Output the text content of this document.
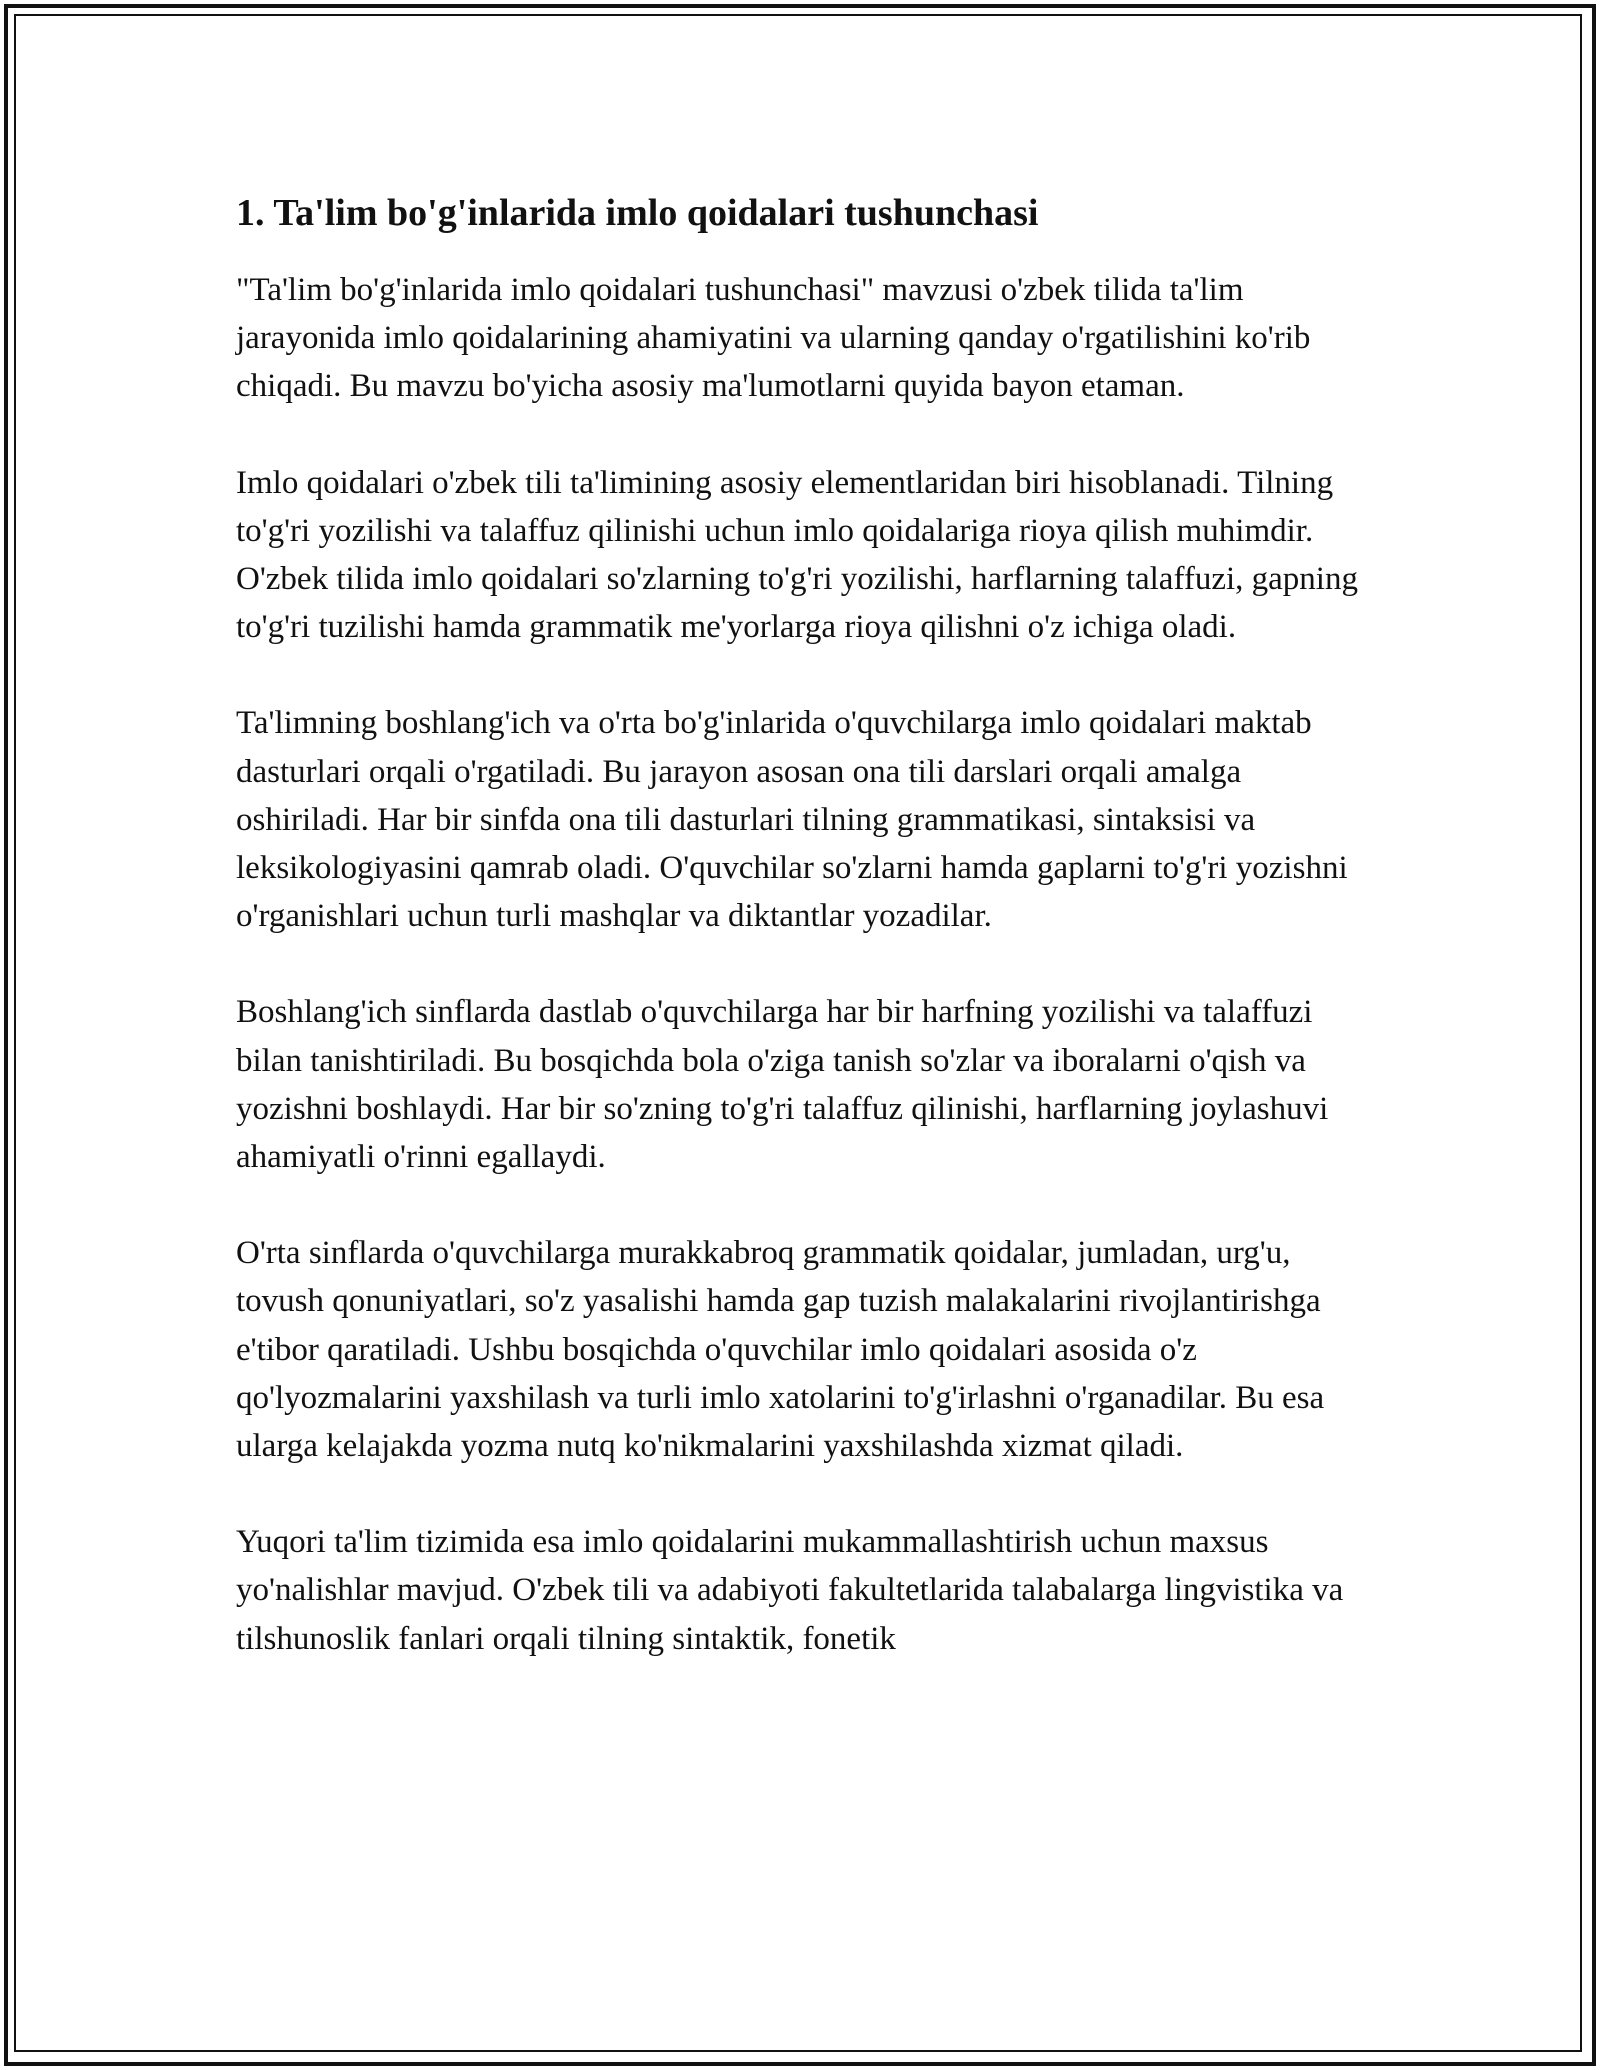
1. Ta'lim bo'g'inlarida imlo qoidalari tushunchasi

"Ta'lim bo'g'inlarida imlo qoidalari tushunchasi" mavzusi o'zbek tilida ta'lim jarayonida imlo qoidalarining ahamiyatini va ularning qanday o'rgatilishini ko'rib chiqadi. Bu mavzu bo'yicha asosiy ma'lumotlarni quyida bayon etaman.

Imlo qoidalari o'zbek tili ta'limining asosiy elementlaridan biri hisoblanadi. Tilning to'g'ri yozilishi va talaffuz qilinishi uchun imlo qoidalariga rioya qilish muhimdir. O'zbek tilida imlo qoidalari so'zlarning to'g'ri yozilishi, harflarning talaffuzi, gapning to'g'ri tuzilishi hamda grammatik me'yorlarga rioya qilishni o'z ichiga oladi.

Ta'limning boshlang'ich va o'rta bo'g'inlarida o'quvchilarga imlo qoidalari maktab dasturlari orqali o'rgatiladi. Bu jarayon asosan ona tili darslari orqali amalga oshiriladi. Har bir sinfda ona tili dasturlari tilning grammatikasi, sintaksisi va leksikologiyasini qamrab oladi. O'quvchilar so'zlarni hamda gaplarni to'g'ri yozishni o'rganishlari uchun turli mashqlar va diktantlar yozadilar.

Boshlang'ich sinflarda dastlab o'quvchilarga har bir harfning yozilishi va talaffuzi bilan tanishtiriladi. Bu bosqichda bola o'ziga tanish so'zlar va iboralarni o'qish va yozishni boshlaydi. Har bir so'zning to'g'ri talaffuz qilinishi, harflarning joylashuvi ahamiyatli o'rinni egallaydi.

O'rta sinflarda o'quvchilarga murakkabroq grammatik qoidalar, jumladan, urg'u, tovush qonuniyatlari, so'z yasalishi hamda gap tuzish malakalarini rivojlantirishga e'tibor qaratiladi. Ushbu bosqichda o'quvchilar imlo qoidalari asosida o'z qo'lyozmalarini yaxshilash va turli imlo xatolarini to'g'irlashni o'rganadilar. Bu esa ularga kelajakda yozma nutq ko'nikmalarini yaxshilashda xizmat qiladi.

Yuqori ta'lim tizimida esa imlo qoidalarini mukammallashtirish uchun maxsus yo'nalishlar mavjud. O'zbek tili va adabiyoti fakultetlarida talabalarga lingvistika va tilshunoslik fanlari orqali tilning sintaktik, fonetik
